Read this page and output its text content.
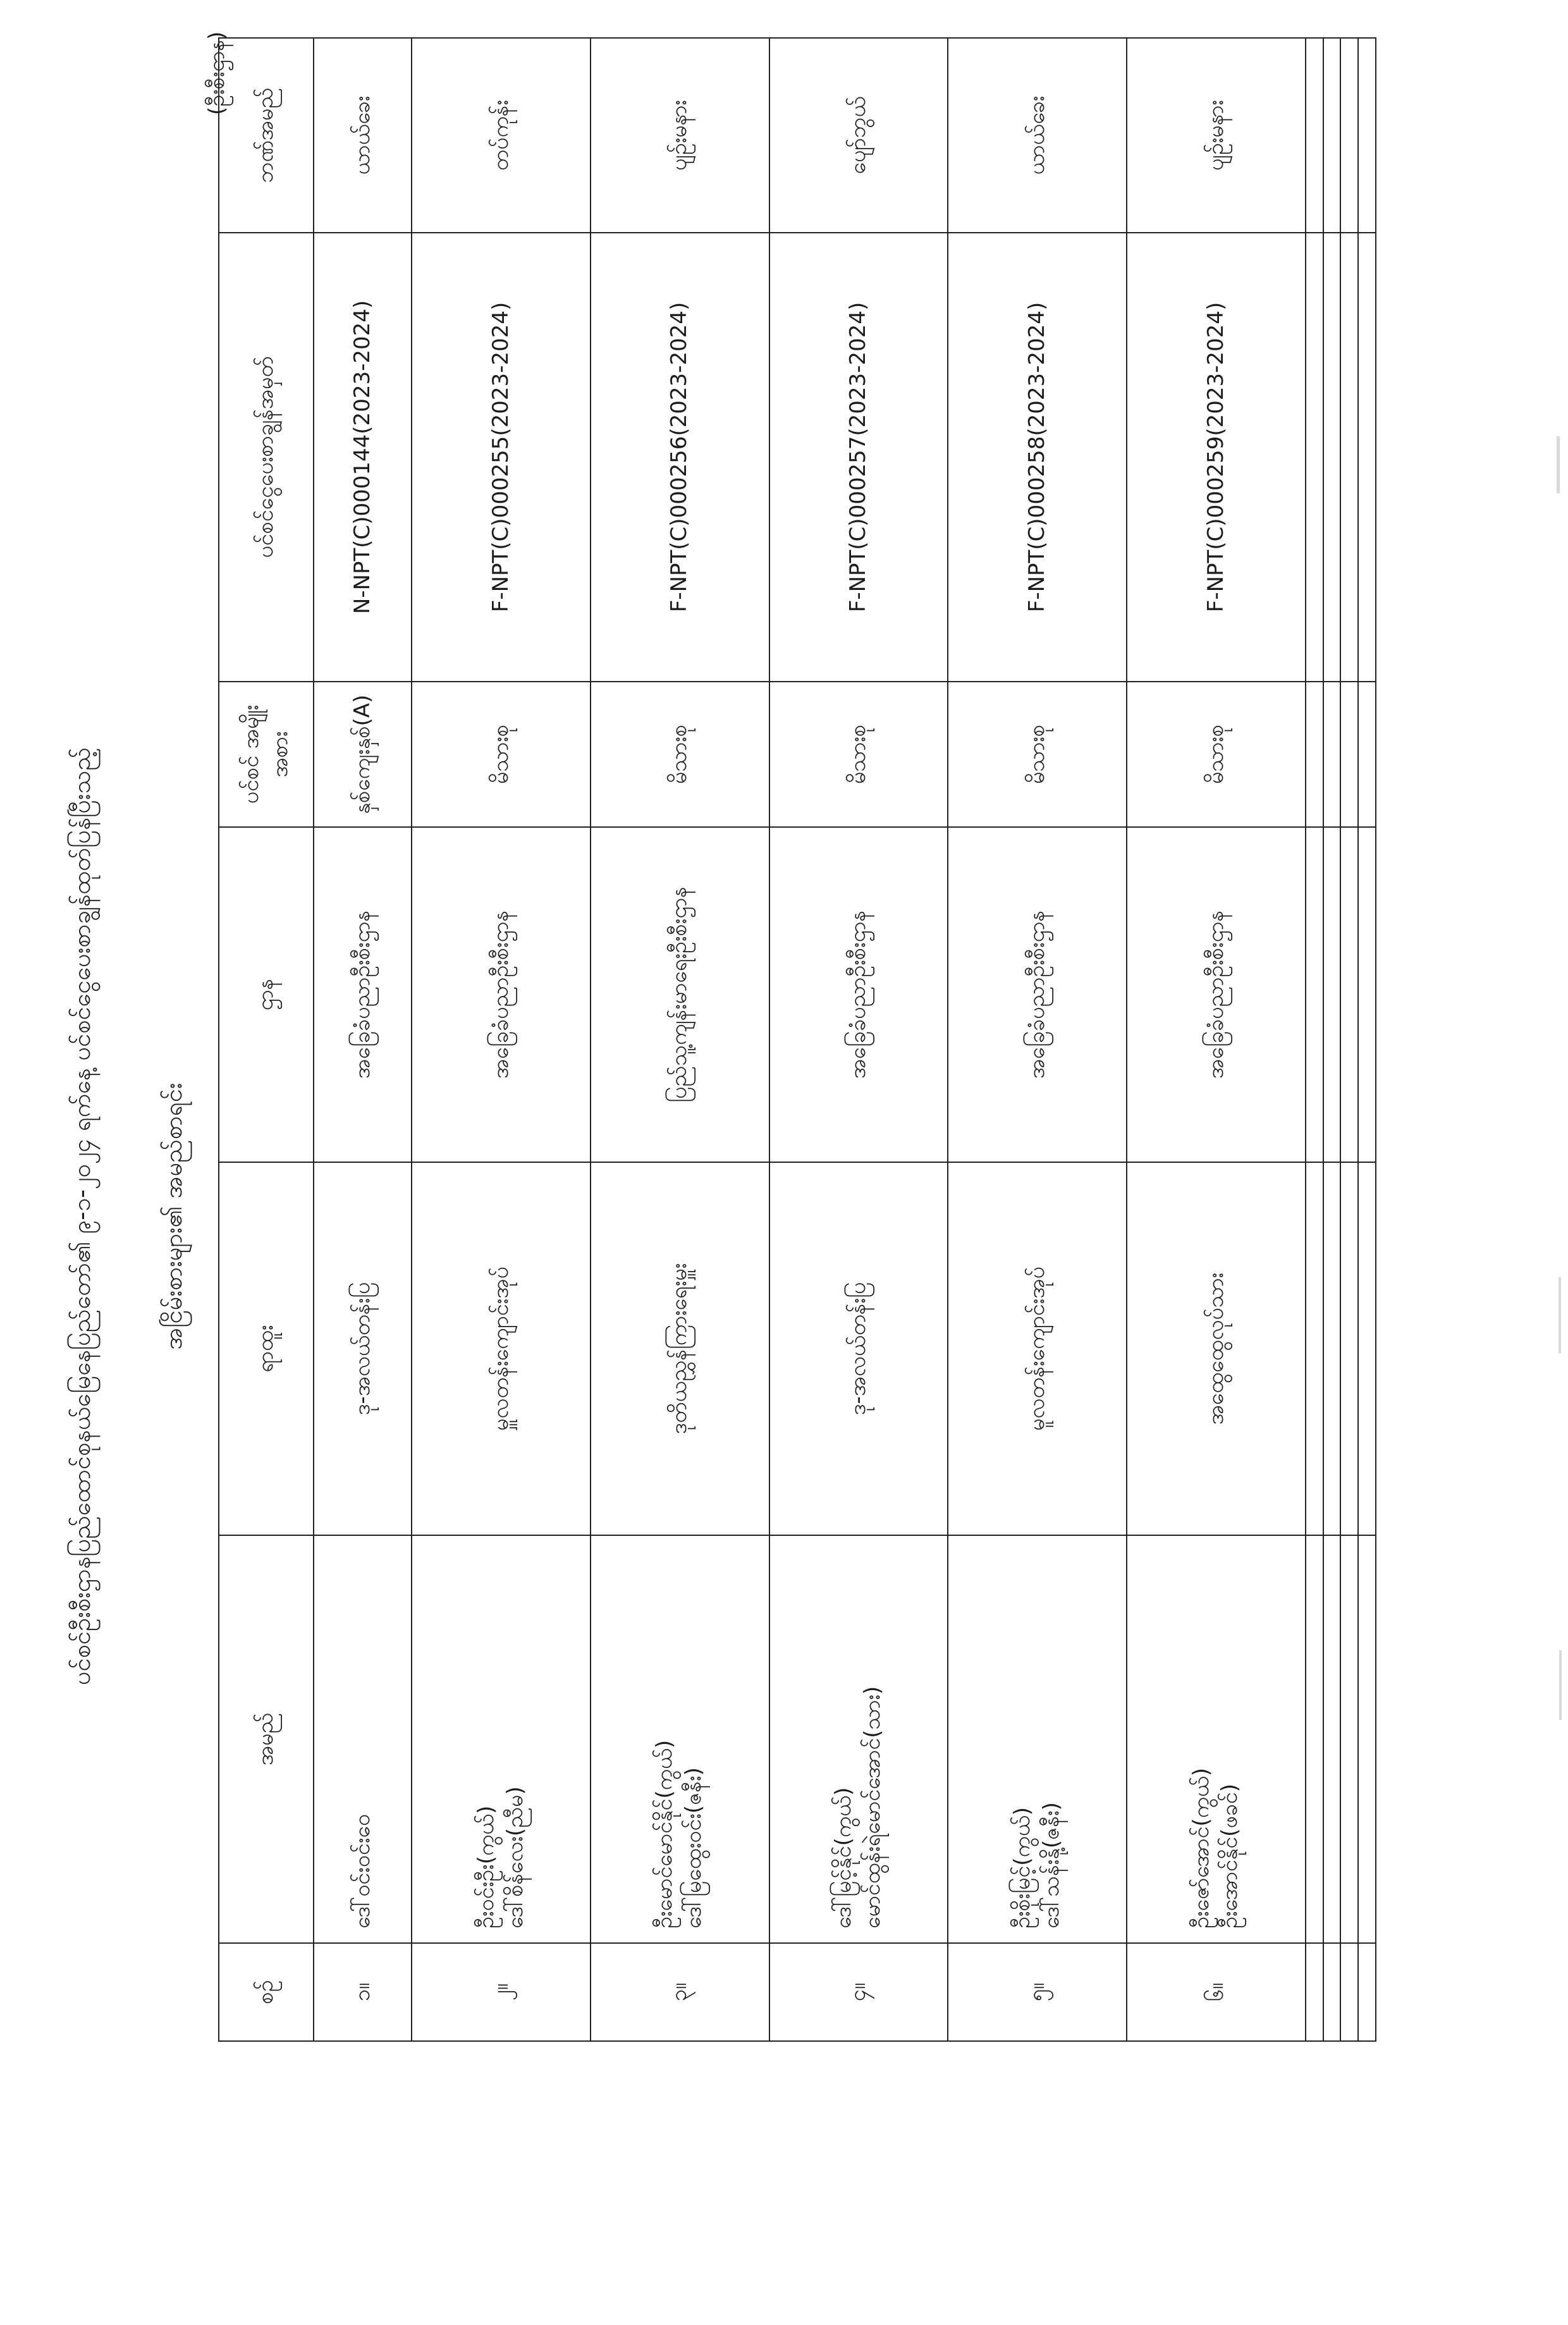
ပင်စင်ဦးစီးဌာနပြည်ထောင်စုနယ်မြေနေပြည်တော်၏ ၉-၁-၂၀၂၄ ရက်နေ့ ပင်စင်ငွေပေးစာချွန်ထုတ်ပြန်ပြီးသည့်	အငြိမ်းစားများ၏ အမည်စာရင်း
(ဦးစီးဌာန)
စဉ်	အမည်	ရာထူး	ဌာန	ပင်စင် အမျိုးအစား	ပင်စင်ငွေပေးစာချွန်အမှတ်	ဘဏ်အမည်
၁။	ဒေါ်ဝင်းဝင်းဝေ	ဒု-အလယ်တန်းပြ	အခြေခံပညာဦးစီးဌာန	နှစ်ကျေးနှစ်(A)	N-NPT(C)000144(2023-2024)	ယာယ်ခေး
၂။	ဦးဝင်းဦး(ကွယ်) ဒေါ်စိန်လေး(ညီမ)	မှူလတန်းကျောင်းအုပ်	အခြေခံပညာဦးစီးဌာန	မိသားစု	F-NPT(C)000255(2023-2024)	တပ်ကုန်း
၃။	ဦးမောင်မောင်နိုင်(ကွယ်) ဒေါ်မြထွေးဝင်း(ဇနီး)	ဒု‌တိယညွှန်ကြားရေးမှူး	ပြည်သူ့ကျန်းမာရေးဦးစီးဌာန	မိသားစု	F-NPT(C)000256(2023-2024)	ပျဉ်းမနား
၄။	ဒေါ်မြင့်နိုင်(ကွယ်) မောင်ထွန်းရဲမောင်အောင်(သား)	ဒု-အလယ်တန်းပြ	အခြေခံပညာဦးစီးဌာန	မိသားစု	F-NPT(C)000257(2023-2024)	ပျော်ဘွယ်
၅။	ဦးစိုးမြင့်(ကွယ်) ဒေါ်သန်းနို့(ဇနီး)	မူလတန်းကျောင်းအုပ်	အခြေခံပညာဦးစီးဌာန	မိသားစု	F-NPT(C)000258(2023-2024)	ယာယ်ခေး
၆။	ဦးဇော်အောင်(ကွယ်) ဦးအောင်နိုင်(ဖခင်)	အထွေထွေလုပ်သား	အခြေခံပညာဦးစီးဌာန	မိသားစု	F-NPT(C)000259(2023-2024)	ပျဉ်းမနား
